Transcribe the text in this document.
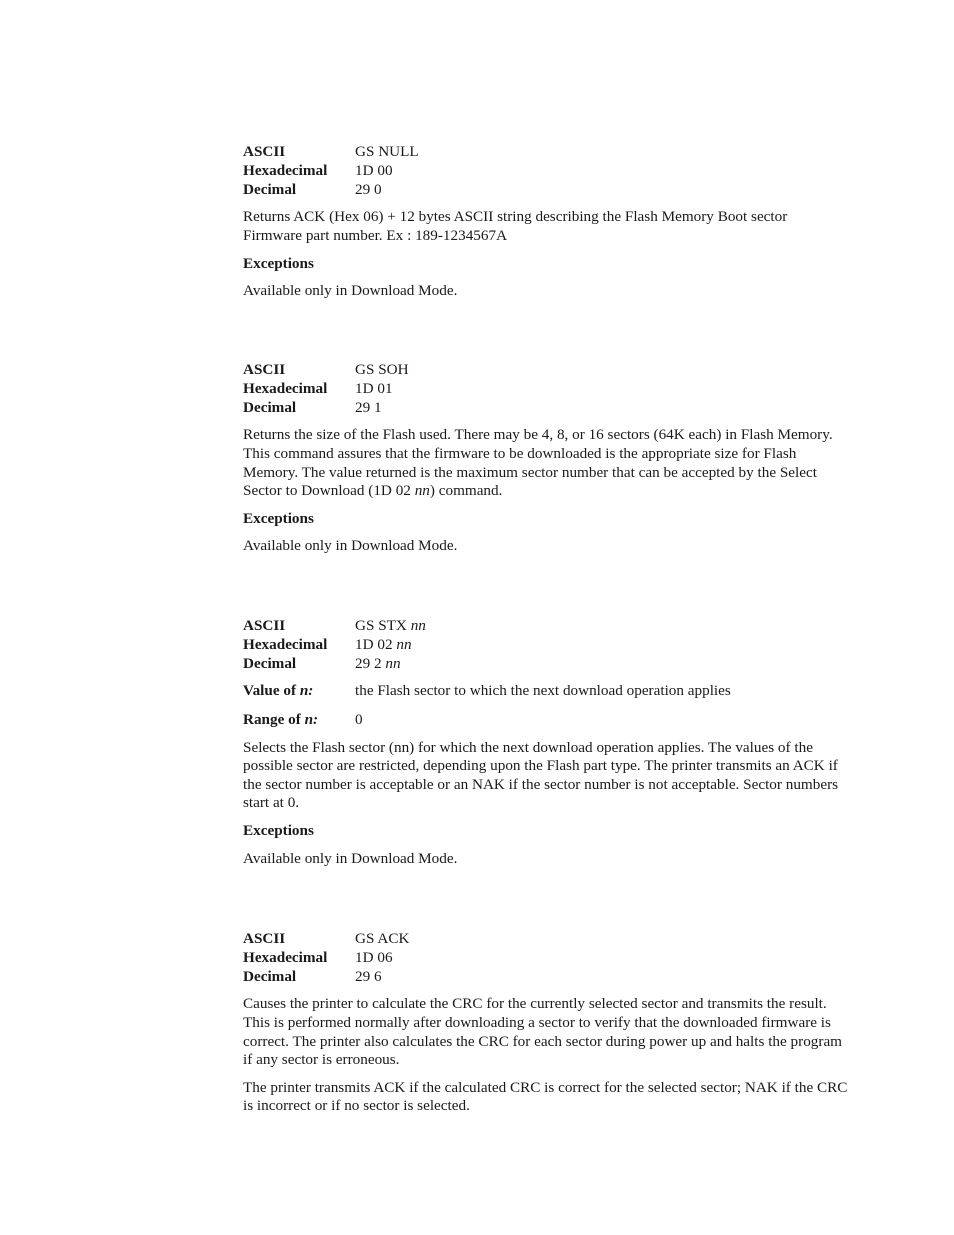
ASCII	GS NULL
Hexadecimal	1D 00
Decimal	29 0

Returns ACK (Hex 06) + 12 bytes ASCII string describing the Flash Memory Boot sector Firmware part number. Ex : 189-1234567A

Exceptions
Available only in Download Mode.
ASCII	GS SOH
Hexadecimal	1D 01
Decimal	29 1

Returns the size of the Flash used. There may be 4, 8, or 16 sectors (64K each) in Flash Memory. This command assures that the firmware to be downloaded is the appropriate size for Flash Memory. The value returned is the maximum sector number that can be accepted by the Select Sector to Download (1D 02 nn) command.

Exceptions
Available only in Download Mode.
ASCII	GS STX nn
Hexadecimal	1D 02 nn
Decimal	29 2 nn
Value of n:	the Flash sector to which the next download operation applies
Range of n:	0

Selects the Flash sector (nn) for which the next download operation applies. The values of the possible sector are restricted, depending upon the Flash part type. The printer transmits an ACK if the sector number is acceptable or an NAK if the sector number is not acceptable. Sector numbers start at 0.

Exceptions
Available only in Download Mode.
ASCII	GS ACK
Hexadecimal	1D 06
Decimal	29 6

Causes the printer to calculate the CRC for the currently selected sector and transmits the result. This is performed normally after downloading a sector to verify that the downloaded firmware is correct. The printer also calculates the CRC for each sector during power up and halts the program if any sector is erroneous.

The printer transmits ACK if the calculated CRC is correct for the selected sector; NAK if the CRC is incorrect or if no sector is selected.
